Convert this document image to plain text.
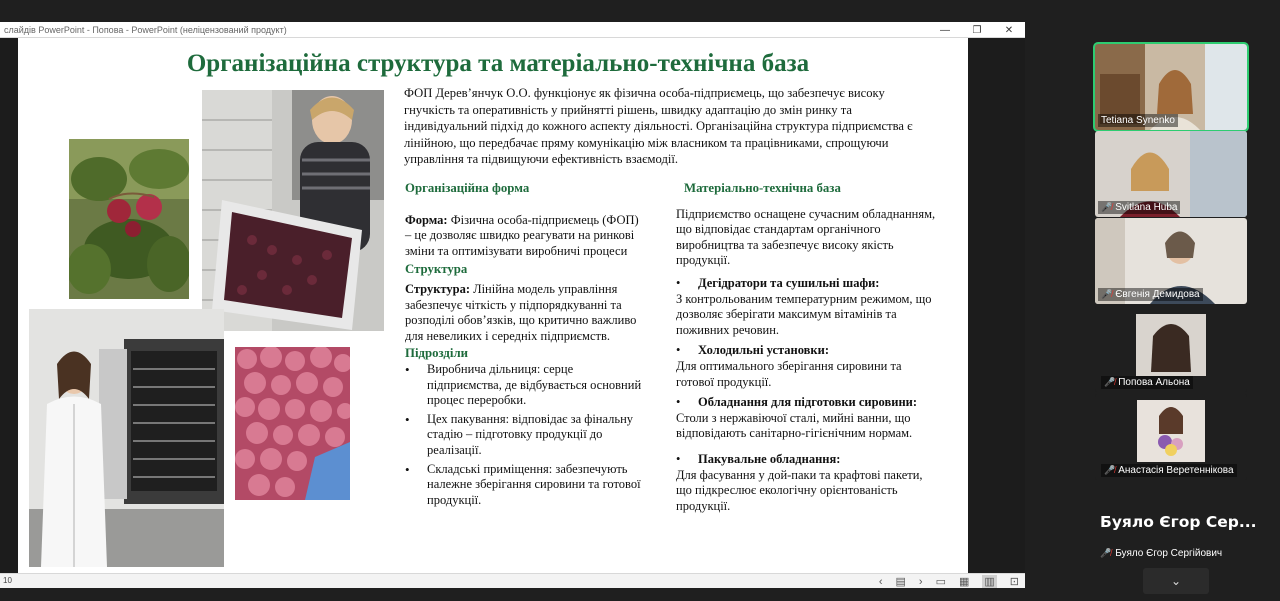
слайдів PowerPoint - Попова - PowerPoint (неліцензований продукт)	—	❐	✕
Організаційна структура та матеріально-технічна база
ФОП Дерев’янчук О.О. функціонує як фізична особа-підприємець, що забезпечує високу гнучкість та оперативність у прийнятті рішень, швидку адаптацію до змін ринку та індивідуальний підхід до кожного аспекту діяльності. Організаційна структура підприємства є лінійною, що передбачає пряму комунікацію між власником та працівниками, спрощуючи управління та підвищуючи ефективність взаємодії.
Організаційна форма
Форма: Фізична особа-підприємець (ФОП) – це дозволяє швидко реагувати на ринкові зміни та оптимізувати виробничі процеси
Структура
Структура: Лінійна модель управління забезпечує чіткість у підпорядкуванні та розподілі обов’язків, що критично важливо для невеликих і середніх підприємств.
Підрозділи
• Виробнича дільниця: серце підприємства, де відбувається основний процес переробки.
• Цех пакування: відповідає за фінальну стадію – підготовку продукції до реалізації.
• Складські приміщення: забезпечують належне зберігання сировини та готової продукції.
Матеріально-технічна база
Підприємство оснащене сучасним обладнанням, що відповідає стандартам органічного виробництва та забезпечує високу якість продукції.
• Дегідратори та сушильні шафи:
З контрольованим температурним режимом, що дозволяє зберігати максимум вітамінів та поживних речовин.
• Холодильні установки:
Для оптимального зберігання сировини та готової продукції.
• Обладнання для підготовки сировини:
Столи з нержавіючої сталі, мийні ванни, що відповідають санітарно-гігієнічним нормам.
• Пакувальне обладнання:
Для фасування у дой-паки та крафтові пакети, що підкреслює екологічну орієнтованість продукції.
10	‹ ▤ › ▭ ▦ ▥ ⊡
Tetiana Synenko
🎤̸ Svitlana Huba
🎤̸ Євгенія Демидова
🎤̸ Попова Альона
🎤̸ Анастасія Веретеннікова
Буяло Єгор Сер...
🎤̸ Буяло Єгор Сергійович
⌄
